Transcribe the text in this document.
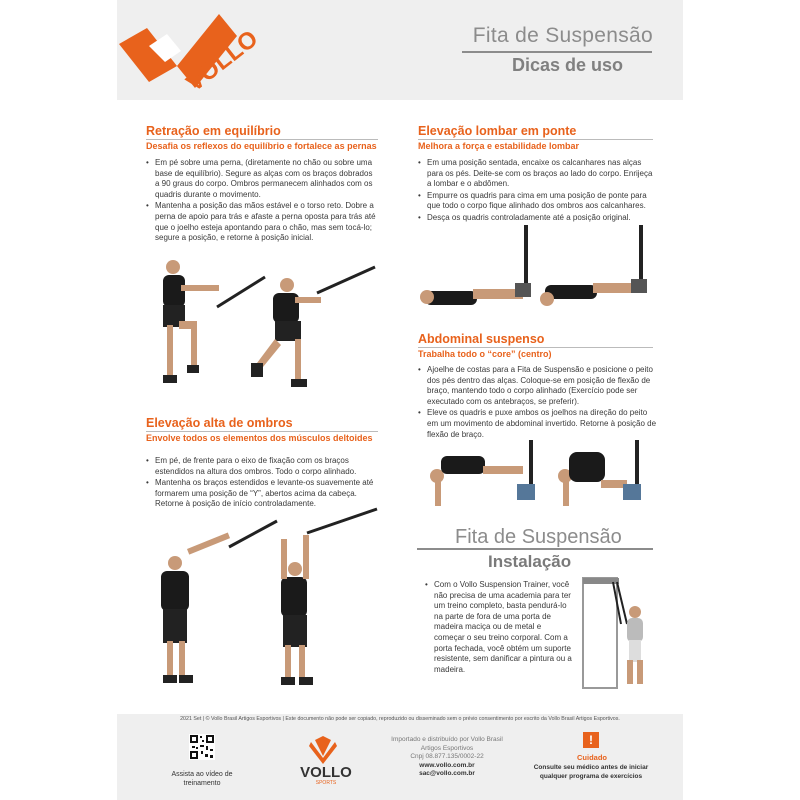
VOLLO	Fita de Suspensão
Dicas de uso
Retração em equilíbrio
Desafia os reflexos do equilíbrio e fortalece as pernas
• Em pé sobre uma perna, (diretamente no chão ou sobre uma base de equilíbrio). Segure as alças com os braços dobrados a 90 graus do corpo. Ombros permanecem alinhados com os quadris durante o movimento.
• Mantenha a posição das mãos estável e o torso reto. Dobre a perna de apoio para trás e afaste a perna oposta para trás até que o joelho esteja apontando para o chão, mas sem tocá-lo; segure a posição, e retorne à posição inicial.
Elevação lombar em ponte
Melhora a força e estabilidade lombar
• Em uma posição sentada, encaixe os calcanhares nas alças para os pés. Deite-se com os braços ao lado do corpo. Enrijeça a lombar e o abdômen.
• Empurre os quadris para cima em uma posição de ponte para que todo o corpo fique alinhado dos ombros aos calcanhares.
• Desça os quadris controladamente até a posição original.
Abdominal suspenso
Trabalha todo o “core” (centro)
• Ajoelhe de costas para a Fita de Suspensão e posicione o peito dos pés dentro das alças. Coloque-se em posição de flexão de braço, mantendo todo o corpo alinhado (Exercício pode ser executado com os antebraços, se preferir).
• Eleve os quadris e puxe ambos os joelhos na direção do peito em um movimento de abdominal invertido. Retorne à posição de flexão de braço.
Elevação alta de ombros
Envolve todos os elementos dos músculos deltoides
• Em pé, de frente para o eixo de fixação com os braços estendidos na altura dos ombros. Todo o corpo alinhado.
• Mantenha os braços estendidos e levante-os suavemente até formarem uma posição de “Y”, abertos acima da cabeça. Retorne à posição de início controladamente.
Fita de Suspensão
Instalação
• Com o Vollo Suspension Trainer, você não precisa de uma academia para ter um treino completo, basta pendurá-lo na parte de fora de uma porta de madeira maciça ou de metal e começar o seu treino corporal. Com a porta fechada, você obtém um suporte resistente, sem danificar a pintura ou a madeira.
2021 Set | © Vollo Brasil Artigos Esportivos | Este documento não pode ser copiado, reproduzido ou disseminado sem o prévio consentimento por escrito da Vollo Brasil Artigos Esportivos.
Assista ao vídeo de treinamento
VOLLO
SPORTS
Importado e distribuído por Vollo Brasil
Artigos Esportivos
Cnpj 08.877.135/0002-22
www.vollo.com.br
sac@vollo.com.br
!
Cuidado
Consulte seu médico antes de iniciar qualquer programa de exercícios
